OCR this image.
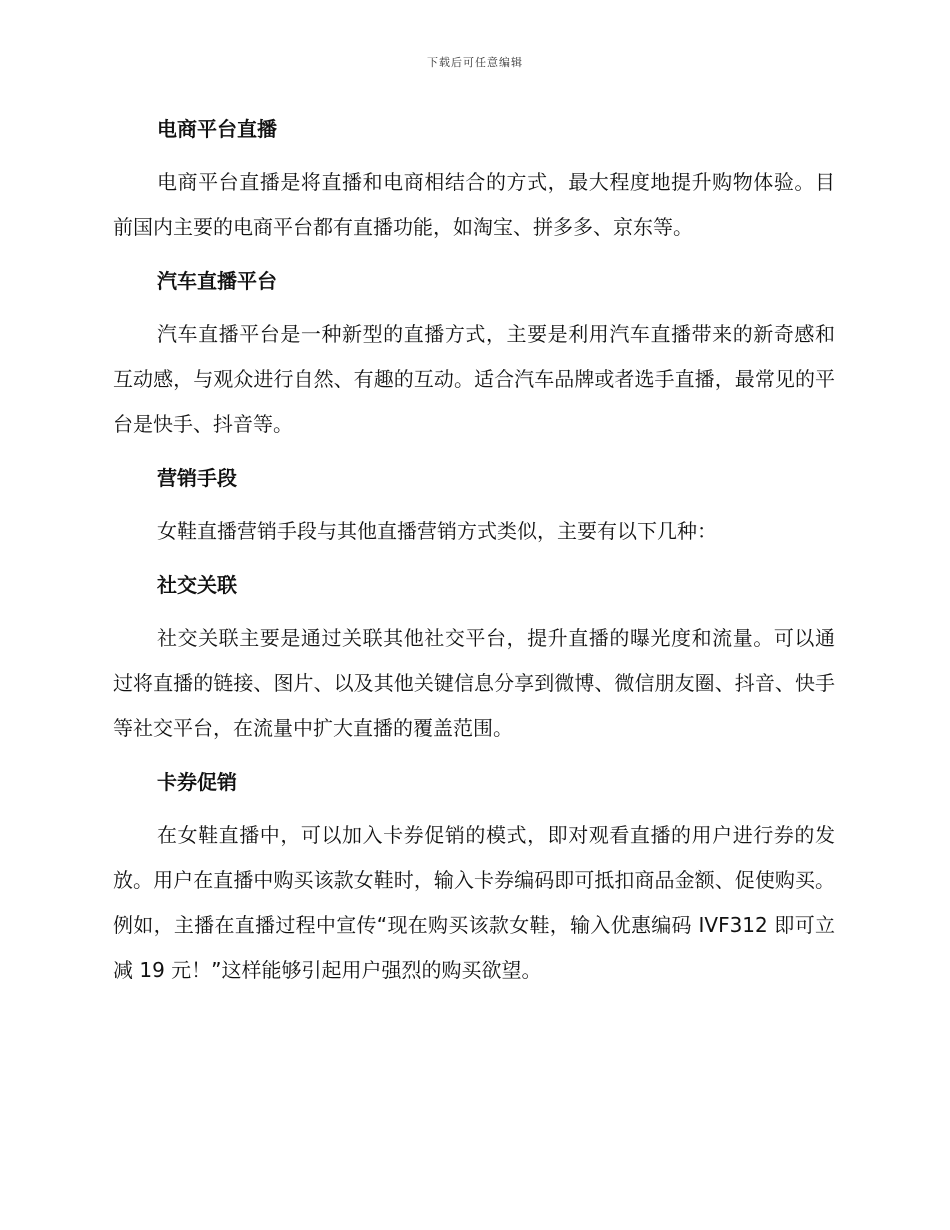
下载后可任意编辑

电商平台直播

电商平台直播是将直播和电商相结合的方式，最大程度地提升购物体验。目前国内主要的电商平台都有直播功能，如淘宝、拼多多、京东等。

汽车直播平台

汽车直播平台是一种新型的直播方式，主要是利用汽车直播带来的新奇感和互动感，与观众进行自然、有趣的互动。适合汽车品牌或者选手直播，最常见的平台是快手、抖音等。

营销手段

女鞋直播营销手段与其他直播营销方式类似，主要有以下几种：

社交关联

社交关联主要是通过关联其他社交平台，提升直播的曝光度和流量。可以通过将直播的链接、图片、以及其他关键信息分享到微博、微信朋友圈、抖音、快手等社交平台，在流量中扩大直播的覆盖范围。

卡券促销

在女鞋直播中，可以加入卡券促销的模式，即对观看直播的用户进行券的发放。用户在直播中购买该款女鞋时，输入卡券编码即可抵扣商品金额、促使购买。例如，主播在直播过程中宣传“现在购买该款女鞋，输入优惠编码 IVF312 即可立减 19 元！”这样能够引起用户强烈的购买欲望。
